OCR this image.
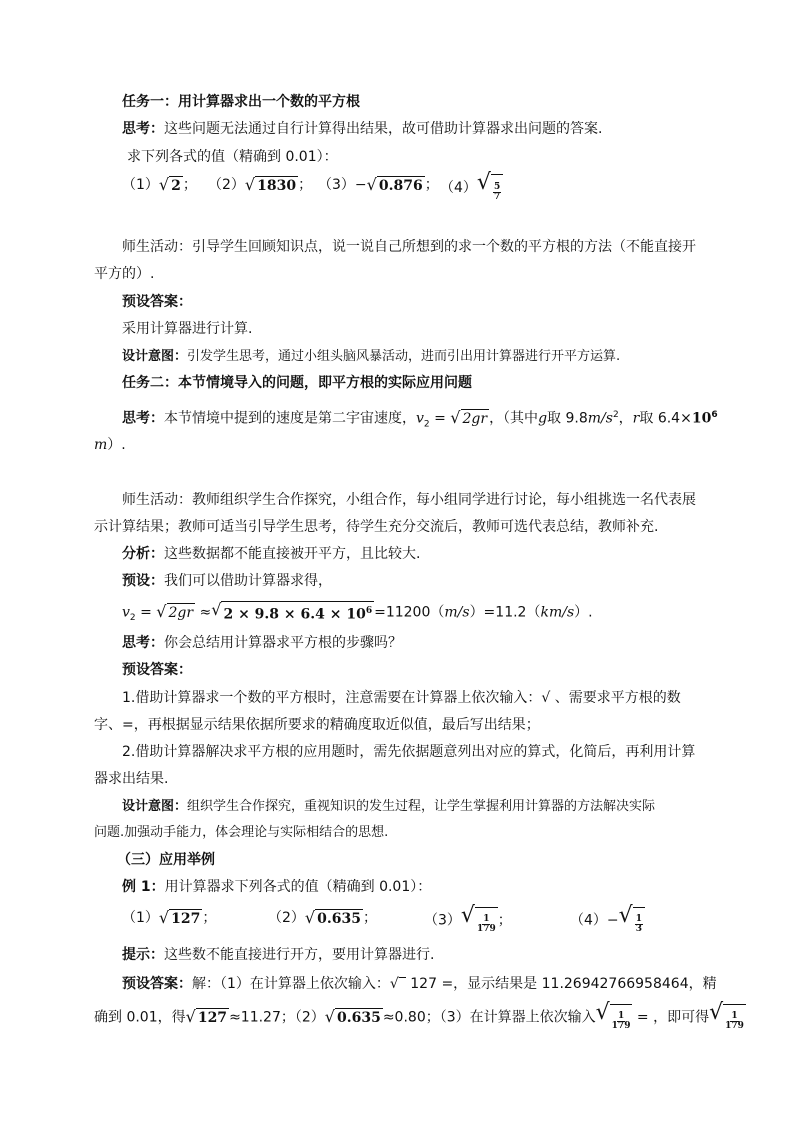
任务一：用计算器求出一个数的平方根
思考：这些问题无法通过自行计算得出结果，故可借助计算器求出问题的答案.
求下列各式的值（精确到 0.01）：
（1） √ 2 ； （2） √ 1830 ； （3）− √ 0.876 ； （4） √ $\frac{5}{7}$
师生活动：引导学生回顾知识点，说一说自己所想到的求一个数的平方根的方法（不能直接开
平方的）.
预设答案：
采用计算器进行计算.
设计意图：引发学生思考，通过小组头脑风暴活动，进而引出用计算器进行开平方运算.
任务二：本节情境导入的问题，即平方根的实际应用问题
思考：本节情境中提到的速度是第二宇宙速度，$v_2$ = √ 2gr ，（其中g取 $9.8m/s^2$，r取 $6.4\times 10^6$
m）.
师生活动：教师组织学生合作探究，小组合作，每小组同学进行讨论，每小组挑选一名代表展
示计算结果；教师可适当引导学生思考，待学生充分交流后，教师可选代表总结，教师补充.
分析：这些数据都不能直接被开平方，且比较大.
预设：我们可以借助计算器求得，
$v_2$ = √ 2gr ≈ √ $2 \times 9.8 \times 6.4 \times 10^6 =11200(m/s)=11.2(km/s)$.
思考：你会总结用计算器求平方根的步骤吗？
预设答案：
1.借助计算器求一个数的平方根时，注意需要在计算器上依次输入：√ 、需要求平方根的数
字、=，再根据显示结果依据所要求的精确度取近似值，最后写出结果；
2.借助计算器解决求平方根的应用题时，需先依据题意列出对应的算式，化简后，再利用计算
器求出结果.
设计意图：组织学生合作探究，重视知识的发生过程，让学生掌握利用计算器的方法解决实际
问题.加强动手能力，体会理论与实际相结合的思想.
（三）应用举例
例 1：用计算器求下列各式的值（精确到 0.01）：
（1） √ 127 ；	（2） √ 0.635 ；	（3） √ $\frac{1}{179}$ ；	（4）− √ $\frac{1}{3}$
提示：这些数不能直接进行开方，要用计算器进行.
预设答案：解：（1）在计算器上依次输入：√‾ 127 =，显示结果是 11.26942766958464，精
确到 0.01，得 √ 127 ≈11.27；（2） √ 0.635 ≈0.80；（3）在计算器上依次输入 √ $\frac{1}{179}$ = ，即可得 √ $\frac{1}{179}$
